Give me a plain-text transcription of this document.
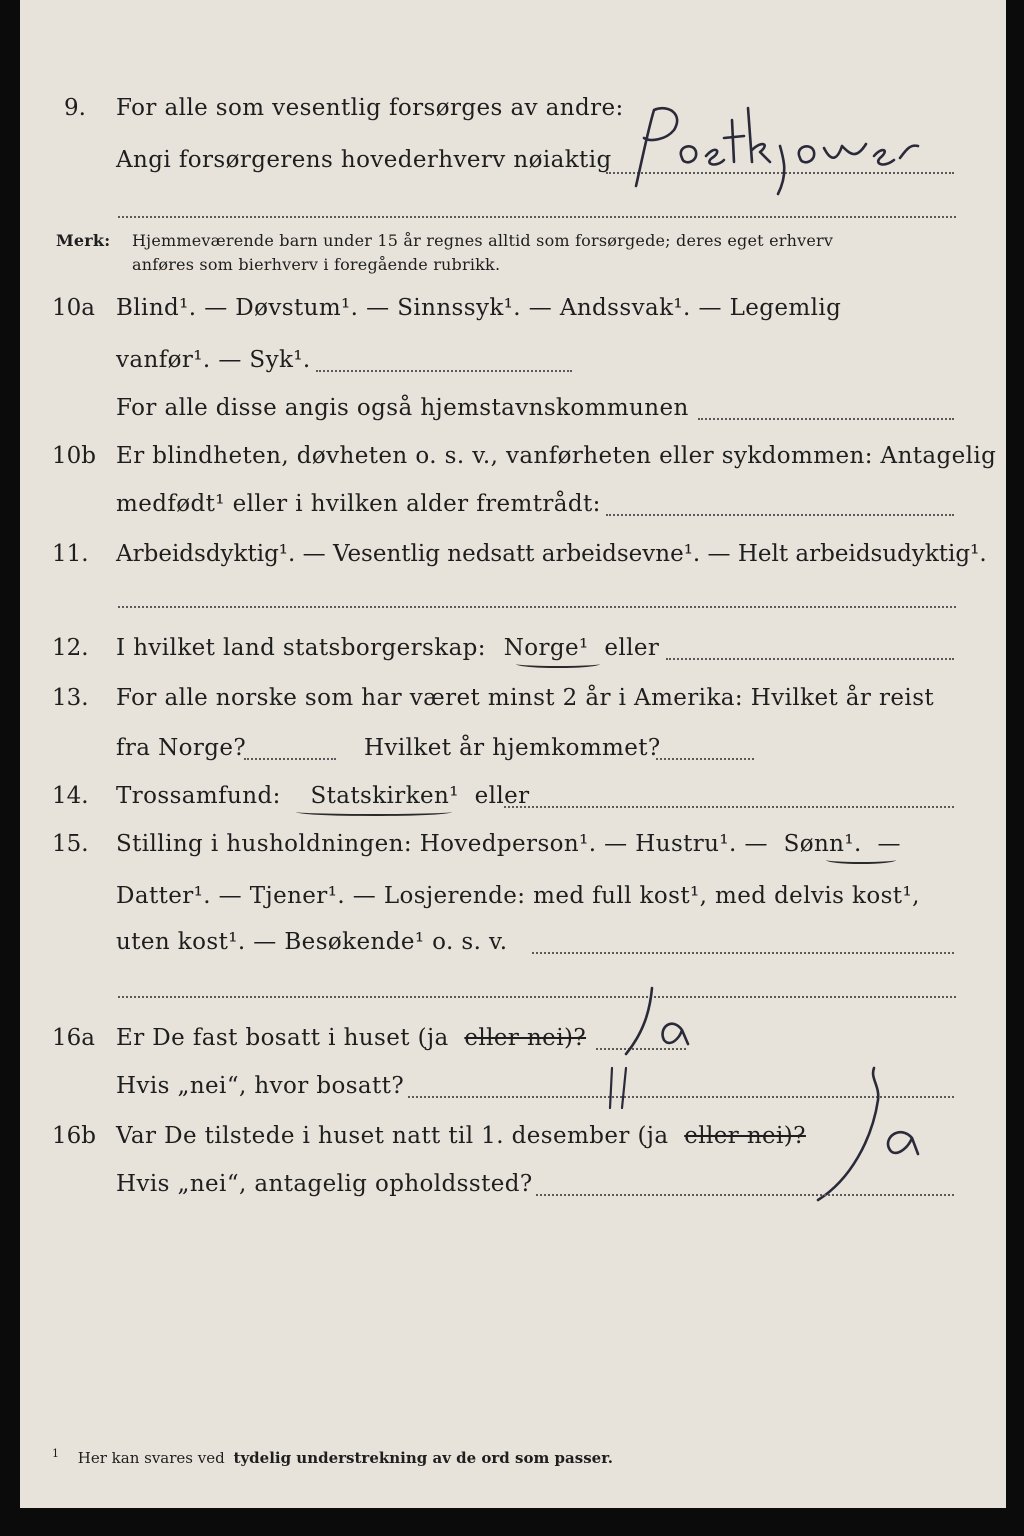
9. For alle som vesentlig forsørges av andre:
Angi forsørgerens hovederhverv nøiaktig
Merk: Hjemmeværende barn under 15 år regnes alltid som forsørgede; deres eget erhverv
anføres som bierhverv i foregående rubrikk.
10a Blind¹. — Døvstum¹. — Sinnssyk¹. — Andssvak¹. — Legemlig
vanfør¹. — Syk¹.
For alle disse angis også hjemstavnskommunen
10b Er blindheten, døvheten o. s. v., vanførheten eller sykdommen: Antagelig
medfødt¹ eller i hvilken alder fremtrådt:
11. Arbeidsdyktig¹. — Vesentlig nedsatt arbeidsevne¹. — Helt arbeidsudyktig¹.
12. I hvilket land statsborgerskap: Norge¹ eller
13. For alle norske som har været minst 2 år i Amerika: Hvilket år reist
fra Norge?	Hvilket år hjemkommet?
14. Trossamfund: Statskirken¹ eller
15. Stilling i husholdningen: Hovedperson¹. — Hustru¹. — Sønn¹. —
Datter¹. — Tjener¹. — Losjerende: med full kost¹, med delvis kost¹,
uten kost¹. — Besøkende¹ o. s. v.
16a Er De fast bosatt i huset (ja eller nei)?
Hvis „nei“, hvor bosatt?
16b Var De tilstede i huset natt til 1. desember (ja eller nei)?
Hvis „nei“, antagelig opholdssted?
$^1$ Her kan svares ved tydelig understrekning av de ord som passer.
